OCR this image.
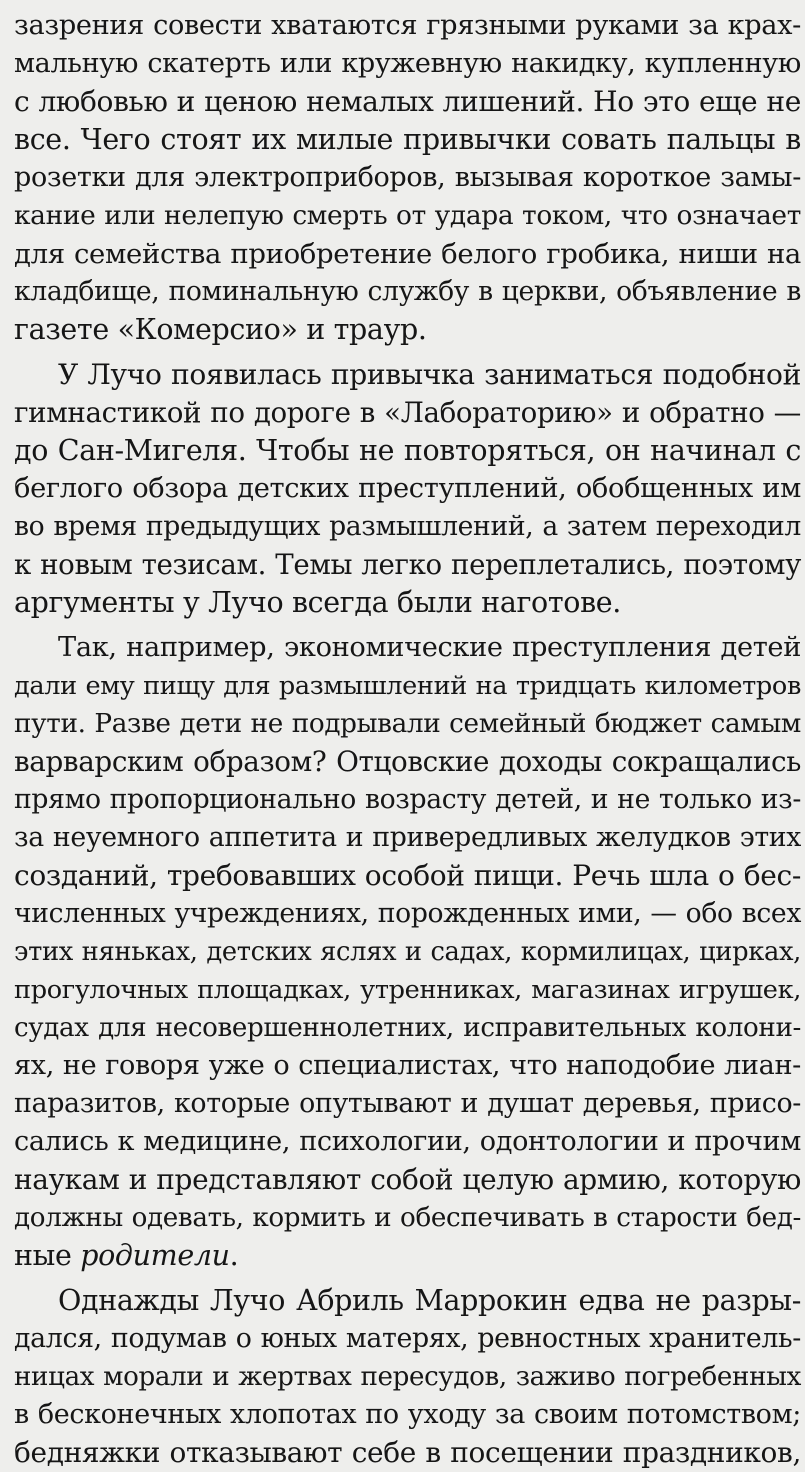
зазрения совести хватаются грязными руками за крах-
мальную скатерть или кружевную накидку, купленную
с любовью и ценою немалых лишений. Но это еще не
все. Чего стоят их милые привычки совать пальцы в
розетки для электроприборов, вызывая короткое замы-
кание или нелепую смерть от удара током, что означает
для семейства приобретение белого гробика, ниши на
кладбище, поминальную службу в церкви, объявление в
газете «Комерсио» и траур.
У Лучо появилась привычка заниматься подобной
гимнастикой по дороге в «Лабораторию» и обратно —
до Сан-Мигеля. Чтобы не повторяться, он начинал с
беглого обзора детских преступлений, обобщенных им
во время предыдущих размышлений, а затем переходил
к новым тезисам. Темы легко переплетались, поэтому
аргументы у Лучо всегда были наготове.
Так, например, экономические преступления детей
дали ему пищу для размышлений на тридцать километров
пути. Разве дети не подрывали семейный бюджет самым
варварским образом? Отцовские доходы сокращались
прямо пропорционально возрасту детей, и не только из-
за неуемного аппетита и привередливых желудков этих
созданий, требовавших особой пищи. Речь шла о бес-
численных учреждениях, порожденных ими, — обо всех
этих няньках, детских яслях и садах, кормилицах, цирках,
прогулочных площадках, утренниках, магазинах игрушек,
судах для несовершеннолетних, исправительных колони-
ях, не говоря уже о специалистах, что наподобие лиан-
паразитов, которые опутывают и душат деревья, присо-
сались к медицине, психологии, одонтологии и прочим
наукам и представляют собой целую армию, которую
должны одевать, кормить и обеспечивать в старости бед-
ные родители.
Однажды Лучо Абриль Маррокин едва не разры-
дался, подумав о юных матерях, ревностных хранитель-
ницах морали и жертвах пересудов, заживо погребенных
в бесконечных хлопотах по уходу за своим потомством;
бедняжки отказывают себе в посещении праздников,
